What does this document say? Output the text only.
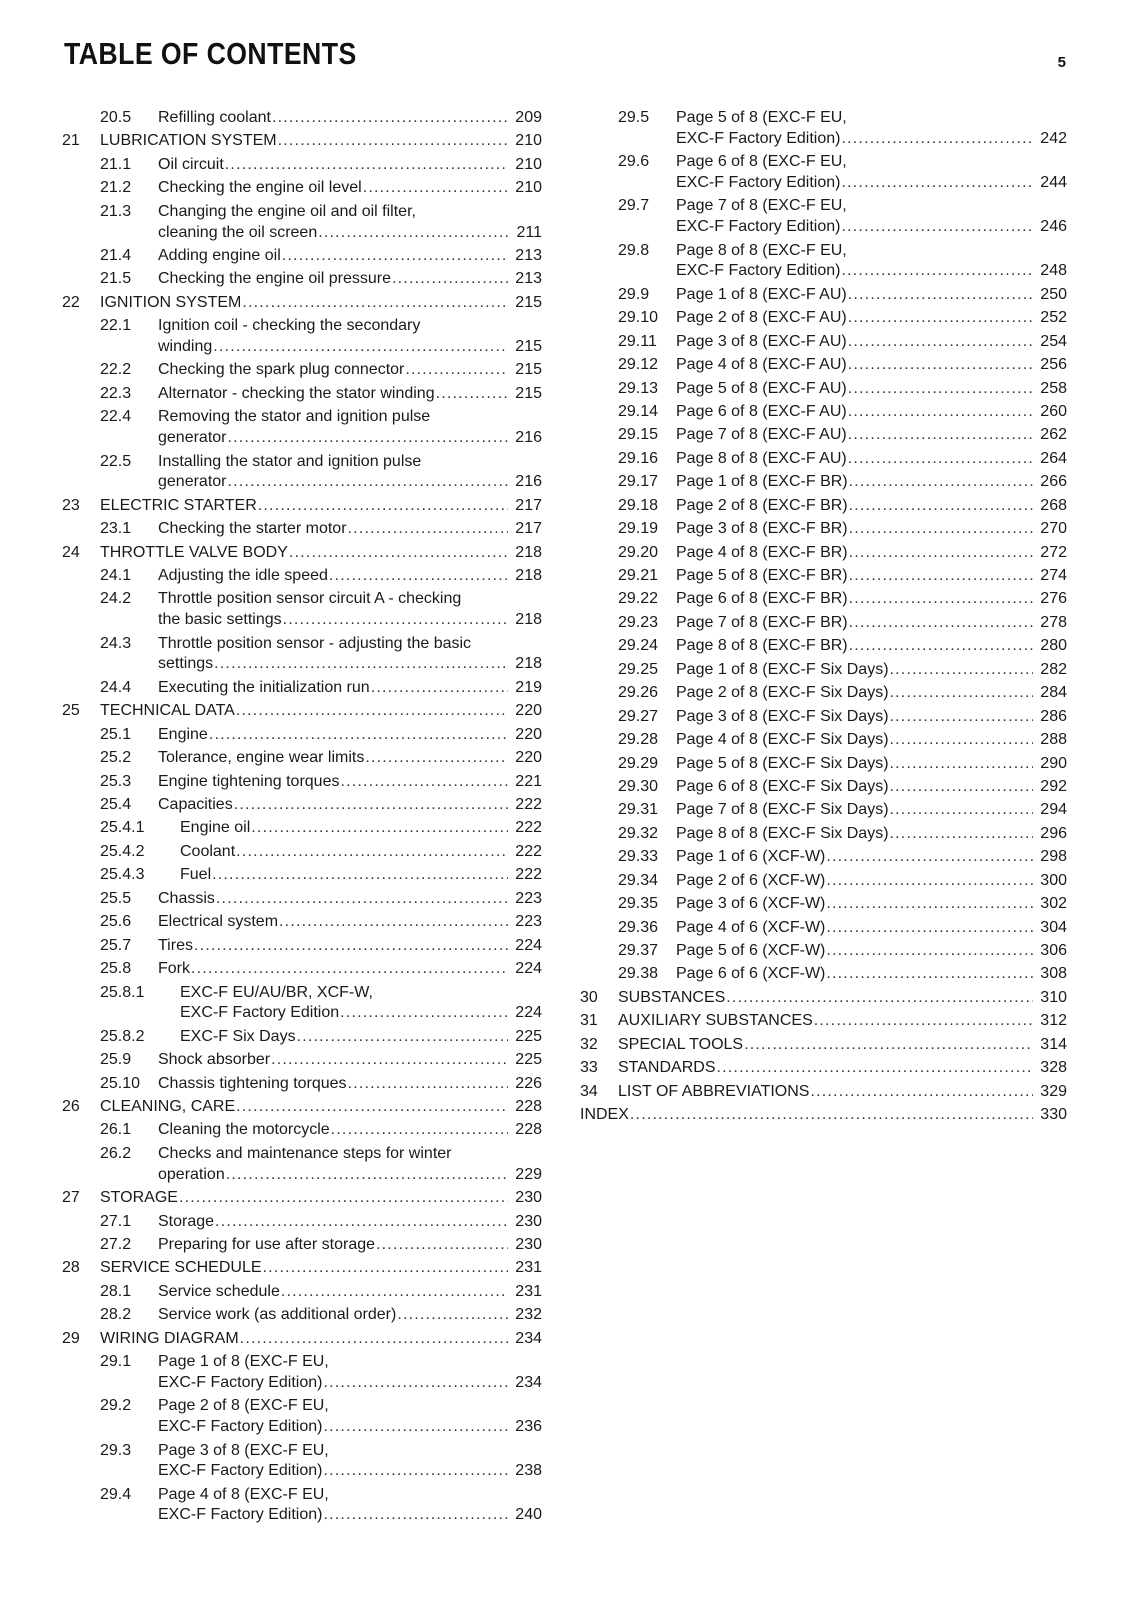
TABLE OF CONTENTS	5
20.5	Refilling coolant .....	209
21	LUBRICATION SYSTEM .....	210
21.1	Oil circuit .....	210
21.2	Checking the engine oil level .....	210
21.3	Changing the engine oil and oil filter,
cleaning the oil screen .....	211
21.4	Adding engine oil .....	213
21.5	Checking the engine oil pressure .....	213
22	IGNITION SYSTEM .....	215
22.1	Ignition coil - checking the secondary
winding .....	215
22.2	Checking the spark plug connector .....	215
22.3	Alternator - checking the stator winding .....	215
22.4	Removing the stator and ignition pulse
generator .....	216
22.5	Installing the stator and ignition pulse
generator .....	216
23	ELECTRIC STARTER .....	217
23.1	Checking the starter motor .....	217
24	THROTTLE VALVE BODY .....	218
24.1	Adjusting the idle speed .....	218
24.2	Throttle position sensor circuit A - checking
the basic settings .....	218
24.3	Throttle position sensor - adjusting the basic
settings .....	218
24.4	Executing the initialization run .....	219
25	TECHNICAL DATA .....	220
25.1	Engine .....	220
25.2	Tolerance, engine wear limits .....	220
25.3	Engine tightening torques .....	221
25.4	Capacities .....	222
25.4.1	Engine oil .....	222
25.4.2	Coolant .....	222
25.4.3	Fuel .....	222
25.5	Chassis .....	223
25.6	Electrical system .....	223
25.7	Tires .....	224
25.8	Fork .....	224
25.8.1	EXC-F EU/AU/BR, XCF-W,
EXC-F Factory Edition .....	224
25.8.2	EXC-F Six Days .....	225
25.9	Shock absorber .....	225
25.10	Chassis tightening torques .....	226
26	CLEANING, CARE .....	228
26.1	Cleaning the motorcycle .....	228
26.2	Checks and maintenance steps for winter
operation .....	229
27	STORAGE .....	230
27.1	Storage .....	230
27.2	Preparing for use after storage .....	230
28	SERVICE SCHEDULE .....	231
28.1	Service schedule .....	231
28.2	Service work (as additional order) .....	232
29	WIRING DIAGRAM .....	234
29.1	Page 1 of 8 (EXC-F EU,
EXC-F Factory Edition) .....	234
29.2	Page 2 of 8 (EXC-F EU,
EXC-F Factory Edition) .....	236
29.3	Page 3 of 8 (EXC-F EU,
EXC-F Factory Edition) .....	238
29.4	Page 4 of 8 (EXC-F EU,
EXC-F Factory Edition) .....	240
29.5	Page 5 of 8 (EXC-F EU,
EXC-F Factory Edition) .....	242
29.6	Page 6 of 8 (EXC-F EU,
EXC-F Factory Edition) .....	244
29.7	Page 7 of 8 (EXC-F EU,
EXC-F Factory Edition) .....	246
29.8	Page 8 of 8 (EXC-F EU,
EXC-F Factory Edition) .....	248
29.9	Page 1 of 8 (EXC-F AU) .....	250
29.10	Page 2 of 8 (EXC-F AU) .....	252
29.11	Page 3 of 8 (EXC-F AU) .....	254
29.12	Page 4 of 8 (EXC-F AU) .....	256
29.13	Page 5 of 8 (EXC-F AU) .....	258
29.14	Page 6 of 8 (EXC-F AU) .....	260
29.15	Page 7 of 8 (EXC-F AU) .....	262
29.16	Page 8 of 8 (EXC-F AU) .....	264
29.17	Page 1 of 8 (EXC-F BR) .....	266
29.18	Page 2 of 8 (EXC-F BR) .....	268
29.19	Page 3 of 8 (EXC-F BR) .....	270
29.20	Page 4 of 8 (EXC-F BR) .....	272
29.21	Page 5 of 8 (EXC-F BR) .....	274
29.22	Page 6 of 8 (EXC-F BR) .....	276
29.23	Page 7 of 8 (EXC-F BR) .....	278
29.24	Page 8 of 8 (EXC-F BR) .....	280
29.25	Page 1 of 8 (EXC-F Six Days) .....	282
29.26	Page 2 of 8 (EXC-F Six Days) .....	284
29.27	Page 3 of 8 (EXC-F Six Days) .....	286
29.28	Page 4 of 8 (EXC-F Six Days) .....	288
29.29	Page 5 of 8 (EXC-F Six Days) .....	290
29.30	Page 6 of 8 (EXC-F Six Days) .....	292
29.31	Page 7 of 8 (EXC-F Six Days) .....	294
29.32	Page 8 of 8 (EXC-F Six Days) .....	296
29.33	Page 1 of 6 (XCF-W) .....	298
29.34	Page 2 of 6 (XCF-W) .....	300
29.35	Page 3 of 6 (XCF-W) .....	302
29.36	Page 4 of 6 (XCF-W) .....	304
29.37	Page 5 of 6 (XCF-W) .....	306
29.38	Page 6 of 6 (XCF-W) .....	308
30	SUBSTANCES .....	310
31	AUXILIARY SUBSTANCES .....	312
32	SPECIAL TOOLS .....	314
33	STANDARDS .....	328
34	LIST OF ABBREVIATIONS .....	329
INDEX .....	330
